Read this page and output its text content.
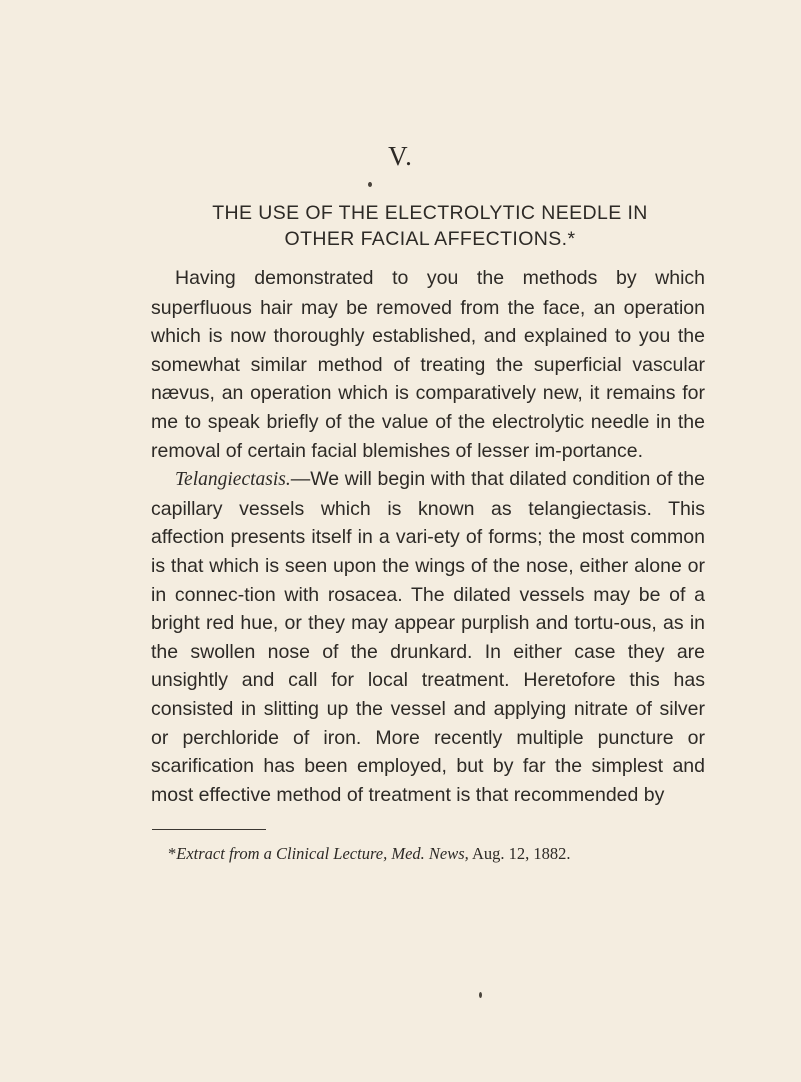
V.
THE USE OF THE ELECTROLYTIC NEEDLE IN
OTHER FACIAL AFFECTIONS.*

Having demonstrated to you the methods by which superfluous hair may be removed from the face, an operation which is now thoroughly established, and explained to you the somewhat similar method of treating the superficial vascular nævus, an operation which is comparatively new, it remains for me to speak briefly of the value of the electrolytic needle in the removal of certain facial blemishes of lesser im-portance.

Telangiectasis.—We will begin with that dilated condition of the capillary vessels which is known as telangiectasis. This affection presents itself in a vari-ety of forms; the most common is that which is seen upon the wings of the nose, either alone or in connec-tion with rosacea. The dilated vessels may be of a bright red hue, or they may appear purplish and tortu-ous, as in the swollen nose of the drunkard. In either case they are unsightly and call for local treatment. Heretofore this has consisted in slitting up the vessel and applying nitrate of silver or perchloride of iron. More recently multiple puncture or scarification has been employed, but by far the simplest and most effective method of treatment is that recommended by

*Extract from a Clinical Lecture, Med. News, Aug. 12, 1882.
